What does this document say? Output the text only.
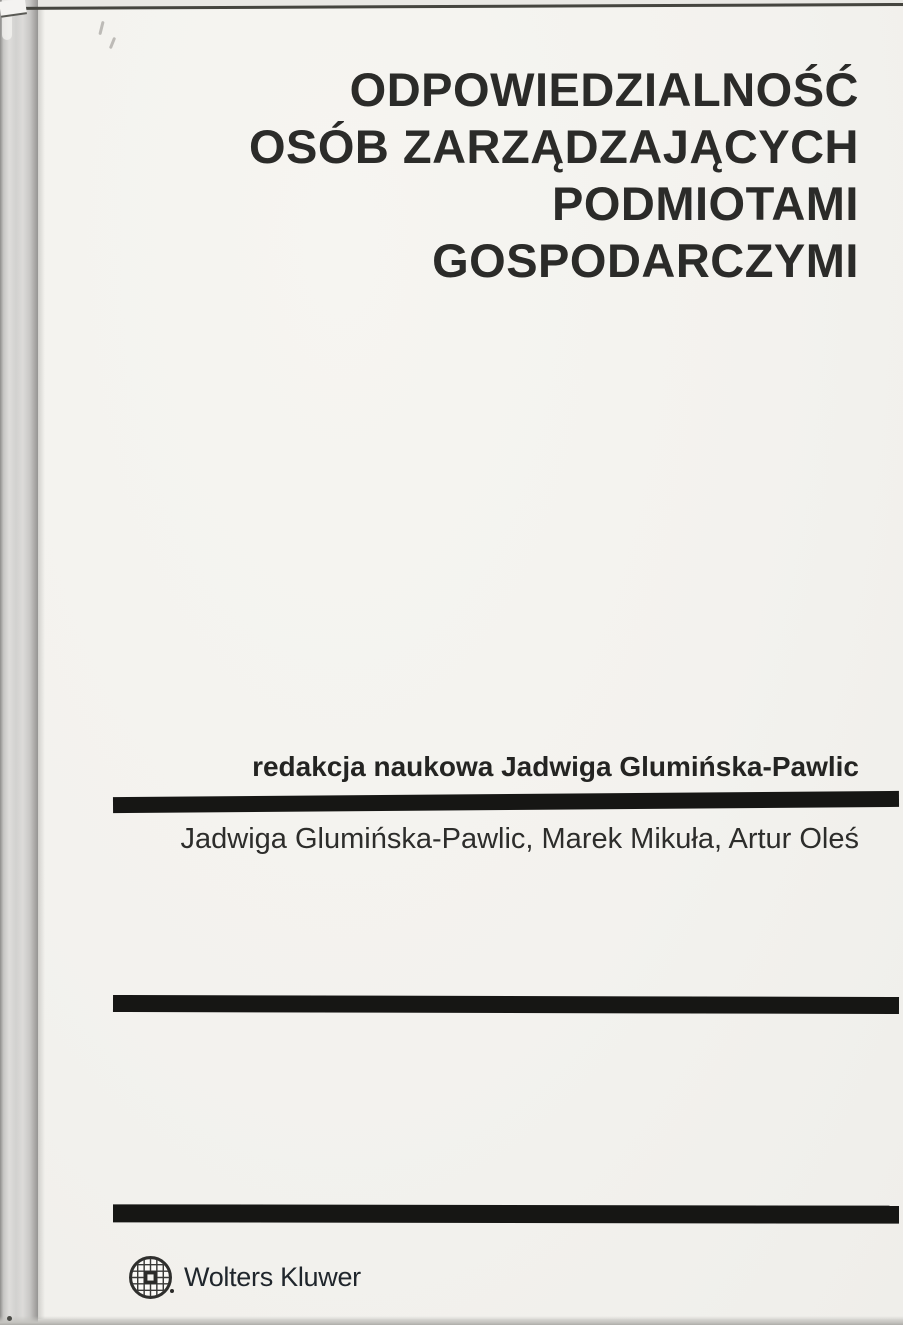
ODPOWIEDZIALNOŚĆ
OSÓB ZARZĄDZAJĄCYCH
PODMIOTAMI
GOSPODARCZYMI
redakcja naukowa Jadwiga Glumińska-Pawlic
Jadwiga Glumińska-Pawlic, Marek Mikuła, Artur Oleś
Wolters Kluwer
